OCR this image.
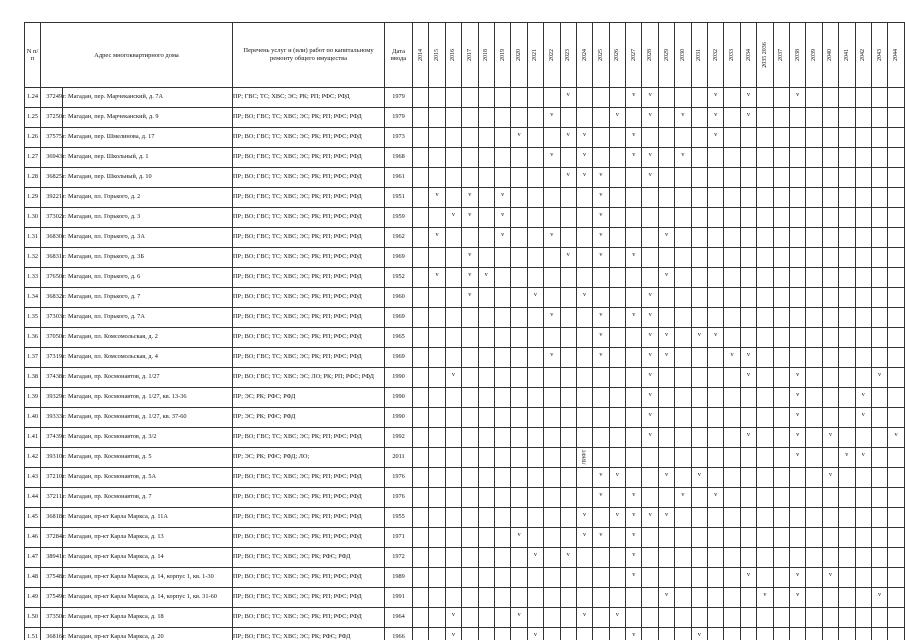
N п/п	Адрес многоквартирного дома		Перечень услуг и (или) работ по капитальному ремонту общего имущества	Дата ввода	2014	2015	2016	2017	2018	2019	2020	2021	2022	2023	2024	2025	2026	2027	2028	2029	2030	2031	2032	2033	2034	2035 2036	2037	2038	2039	2040	2041	2042	2043	2044

1.24	37249	г. Магадан, пер. Марчеканский, д. 7А	ПР; ГВС; ТС; ХВС; ЭС; РК; РП; РФС; РФД	1979										v				v	v				v		v			v						
1.25	37250	г. Магадан, пер. Марчеканский, д. 9	ПР; ВО; ГВС; ТС; ХВС; ЭС; РК; РП; РФС; РФД	1979									v				v		v		v		v		v									
1.26	37575	г. Магадан, пер. Шмелинова, д. 17	ПР; ВО; ГВС; ТС; ХВС; ЭС; РК; РП; РФС; РФД	1973							v			v	v			v					v											
1.27	36943	г. Магадан, пер. Школьный, д. 1	ПР; ВО; ГВС; ТС; ХВС; ЭС; РК; РП; РФС; РФД	1968									v		v			v	v		v													
1.28	36825	г. Магадан, пер. Школьный, д. 10	ПР; ВО; ГВС; ТС; ХВС; ЭС; РК; РП; РФС; РФД	1961										v	v	v			v															
1.29	39221	г. Магадан, пл. Горького, д. 2	ПР; ВО; ГВС; ТС; ХВС; ЭС; РК; РП; РФС; РФД	1951		v		v		v						v																		
1.30	37302	г. Магадан, пл. Горького, д. 3	ПР; ВО; ГВС; ТС; ХВС; ЭС; РК; РП; РФС; РФД	1959			v	v		v						v																		
1.31	36830	г. Магадан, пл. Горького, д. 3А	ПР; ВО; ГВС; ТС; ХВС; ЭС; РК; РП; РФС; РФД	1962		v				v			v			v				v														
1.32	36831	г. Магадан, пл. Горького, д. 3Б	ПР; ВО; ГВС; ТС; ХВС; ЭС; РК; РП; РФС; РФД	1969				v						v		v		v																
1.33	37650	г. Магадан, пл. Горького, д. 6	ПР; ВО; ГВС; ТС; ХВС; ЭС; РК; РП; РФС; РФД	1952		v		v	v											v														
1.34	36832	г. Магадан, пл. Горького, д. 7	ПР; ВО; ГВС; ТС; ХВС; ЭС; РК; РП; РФС; РФД	1960				v				v			v				v															
1.35	37303	г. Магадан, пл. Горького, д. 7А	ПР; ВО; ГВС; ТС; ХВС; ЭС; РК; РП; РФС; РФД	1969									v			v		v	v															
1.36	37050	г. Магадан, пл. Комсомольская, д. 2	ПР; ВО; ГВС; ТС; ХВС; ЭС; РК; РП; РФС; РФД	1965												v			v	v		v	v											
1.37	37319	г. Магадан, пл. Комсомольская, д. 4	ПР; ВО; ГВС; ТС; ХВС; ЭС; РК; РП; РФС; РФД	1969									v			v			v	v				v	v									
1.38	37438	г. Магадан, пр. Космонавтов, д. 1/27	ПР; ВО; ГВС; ТС; ХВС; ЭС; ЛО; РК; РП; РФС; РФД	1990			v												v						v			v					v	
1.39	39329	г. Магадан, пр. Космонавтов, д. 1/27, кв. 13-36	ПР; ЭС; РК; РФС; РФД	1990															v									v				v		
1.40	39333	г. Магадан, пр. Космонавтов, д. 1/27, кв. 37-60	ПР; ЭС; РК; РФС; РФД	1990															v									v				v		
1.41	37439	г. Магадан, пр. Космонавтов, д. 3/2	ПР; ВО; ГВС; ТС; ХВС; ЭС; РК; РП; РФС; РФД	1992															v						v			v		v				v
1.42	39310	г. Магадан, пр. Космонавтов, д. 5	ПР; ЭС; РК; РФС; РФД; ЛО;	2011											ЛИФТ													v			v	v		
1.43	37210	г. Магадан, пр. Космонавтов, д. 5А	ПР; ВО; ГВС; ТС; ХВС; ЭС; РК; РП; РФС; РФД	1976												v	v			v		v								v				
1.44	37211	г. Магадан, пр. Космонавтов, д. 7	ПР; ВО; ГВС; ТС; ХВС; ЭС; РК; РП; РФС; РФД	1976												v		v			v		v											
1.45	36818	г. Магадан, пр-кт Карла Маркса, д. 11А	ПР; ВО; ГВС; ТС; ХВС; ЭС; РК; РП; РФС; РФД	1955											v		v	v	v	v														
1.46	37284	г. Магадан, пр-кт Карла Маркса, д. 13	ПР; ВО; ГВС; ТС; ХВС; ЭС; РК; РП; РФС; РФД	1971							v				v	v		v																
1.47	38941	г. Магадан, пр-кт Карла Маркса, д. 14	ПР; ВО; ГВС; ТС; ХВС; ЭС; РК; РФС; РФД	1972								v		v				v																
1.48	37548	г. Магадан, пр-кт Карла Маркса, д. 14, корпус 1, кв. 1-30	ПР; ВО; ГВС; ТС; ХВС; ЭС; РК; РП; РФС; РФД	1989														v							v			v		v				
1.49	37549	г. Магадан, пр-кт Карла Маркса, д. 14, корпус 1, кв. 31-60	ПР; ВО; ГВС; ТС; ХВС; ЭС; РК; РП; РФС; РФД	1991																v						v		v					v	
1.50	37350	г. Магадан, пр-кт Карла Маркса, д. 18	ПР; ВО; ГВС; ТС; ХВС; ЭС; РК; РП; РФС; РФД	1964			v				v				v		v																	
1.51	36816	г. Магадан, пр-кт Карла Маркса, д. 20	ПР; ВО; ГВС; ТС; ХВС; ЭС; РК; РФС; РФД	1966			v					v						v				v												
